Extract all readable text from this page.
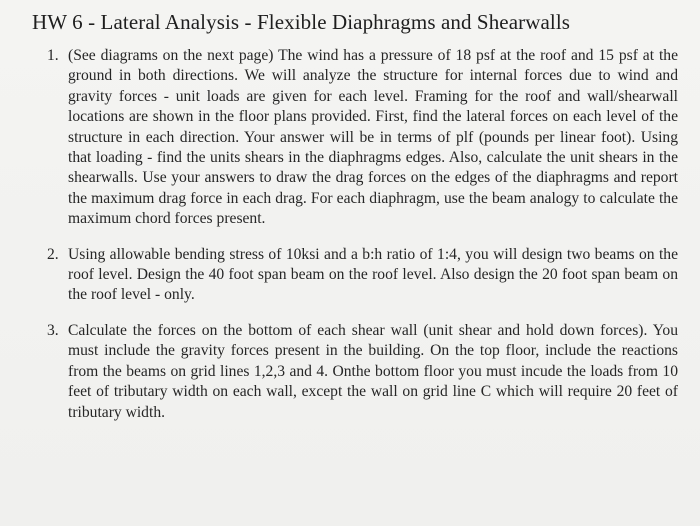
HW 6 - Lateral Analysis - Flexible Diaphragms and Shearwalls
1. (See diagrams on the next page) The wind has a pressure of 18 psf at the roof and 15 psf at the ground in both directions. We will analyze the structure for internal forces due to wind and gravity forces - unit loads are given for each level. Framing for the roof and wall/shearwall locations are shown in the floor plans provided. First, find the lateral forces on each level of the structure in each direction. Your answer will be in terms of plf (pounds per linear foot). Using that loading - find the units shears in the diaphragms edges. Also, calculate the unit shears in the shearwalls. Use your answers to draw the drag forces on the edges of the diaphragms and report the maximum drag force in each drag. For each diaphragm, use the beam analogy to calculate the maximum chord forces present.
2. Using allowable bending stress of 10ksi and a b:h ratio of 1:4, you will design two beams on the roof level. Design the 40 foot span beam on the roof level. Also design the 20 foot span beam on the roof level - only.
3. Calculate the forces on the bottom of each shear wall (unit shear and hold down forces). You must include the gravity forces present in the building. On the top floor, include the reactions from the beams on grid lines 1,2,3 and 4. Onthe bottom floor you must incude the loads from 10 feet of tributary width on each wall, except the wall on grid line C which will require 20 feet of tributary width.
